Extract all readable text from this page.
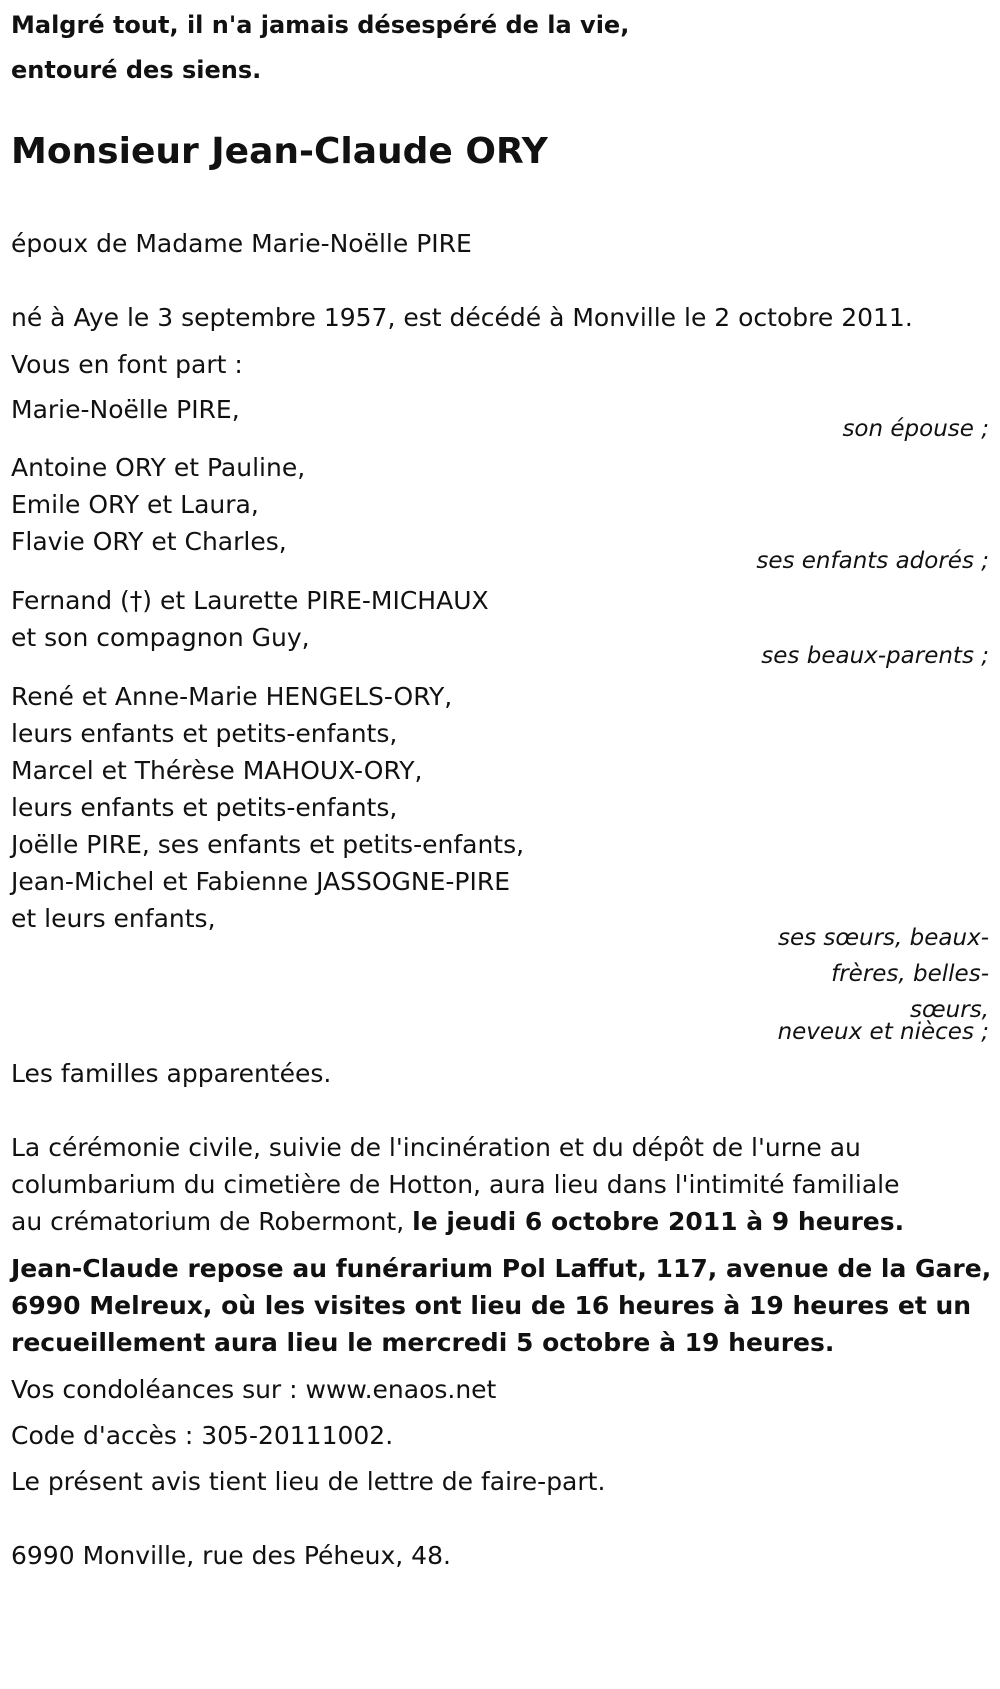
Malgré tout, il n'a jamais désespéré de la vie,
entouré des siens.
Monsieur Jean-Claude ORY
époux de Madame Marie-Noëlle PIRE
né à Aye le 3 septembre 1957, est décédé à Monville le 2 octobre 2011.
Vous en font part :
Marie-Noëlle PIRE,
son épouse ;
Antoine ORY et Pauline,
Emile ORY et Laura,
Flavie ORY et Charles,
ses enfants adorés ;
Fernand (†) et Laurette PIRE-MICHAUX
et son compagnon Guy,
ses beaux-parents ;
René et Anne-Marie HENGELS-ORY,
leurs enfants et petits-enfants,
Marcel et Thérèse MAHOUX-ORY,
leurs enfants et petits-enfants,
Joëlle PIRE, ses enfants et petits-enfants,
Jean-Michel et Fabienne JASSOGNE-PIRE
et leurs enfants,
ses sœurs, beaux-
frères, belles-
sœurs,
neveux et nièces ;
Les familles apparentées.
La cérémonie civile, suivie de l'incinération et du dépôt de l'urne au
columbarium du cimetière de Hotton, aura lieu dans l'intimité familiale
au crématorium de Robermont, le jeudi 6 octobre 2011 à 9 heures.
Jean-Claude repose au funérarium Pol Laffut, 117, avenue de la Gare,
6990 Melreux, où les visites ont lieu de 16 heures à 19 heures et un
recueillement aura lieu le mercredi 5 octobre à 19 heures.
Vos condoléances sur : www.enaos.net
Code d'accès : 305-20111002.
Le présent avis tient lieu de lettre de faire-part.
6990 Monville, rue des Péheux, 48.
